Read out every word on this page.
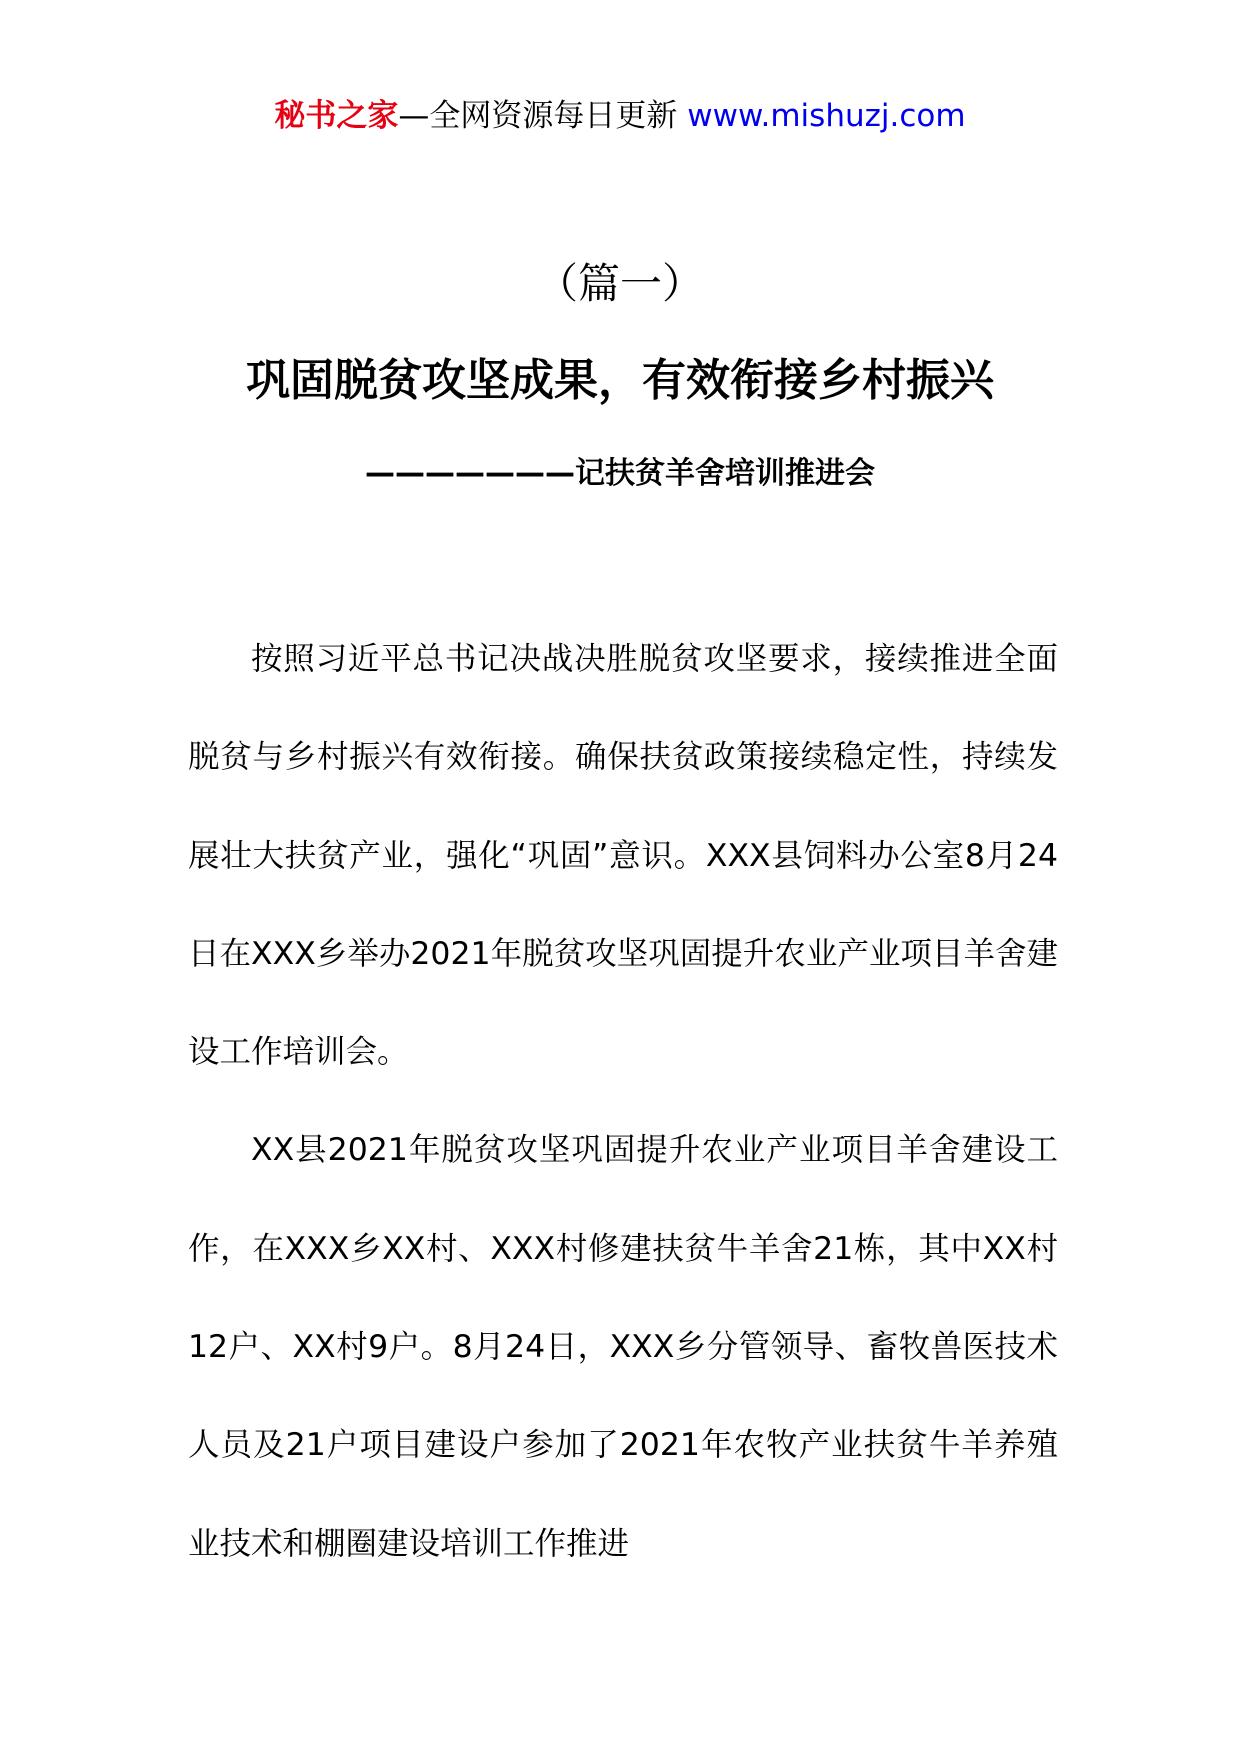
秘书之家—全网资源每日更新 www.mishuzj.com
（篇一）
巩固脱贫攻坚成果，有效衔接乡村振兴
———————记扶贫羊舍培训推进会

按照习近平总书记决战决胜脱贫攻坚要求，接续推进全面脱贫与乡村振兴有效衔接。确保扶贫政策接续稳定性，持续发展壮大扶贫产业，强化“巩固”意识。XXX县饲料办公室8月24日在XXX乡举办2021年脱贫攻坚巩固提升农业产业项目羊舍建设工作培训会。

XX县2021年脱贫攻坚巩固提升农业产业项目羊舍建设工作，在XXX乡XX村、XXX村修建扶贫牛羊舍21栋，其中XX村12户、XX村9户。8月24日，XXX乡分管领导、畜牧兽医技术人员及21户项目建设户参加了2021年农牧产业扶贫牛羊养殖业技术和棚圈建设培训工作推进
